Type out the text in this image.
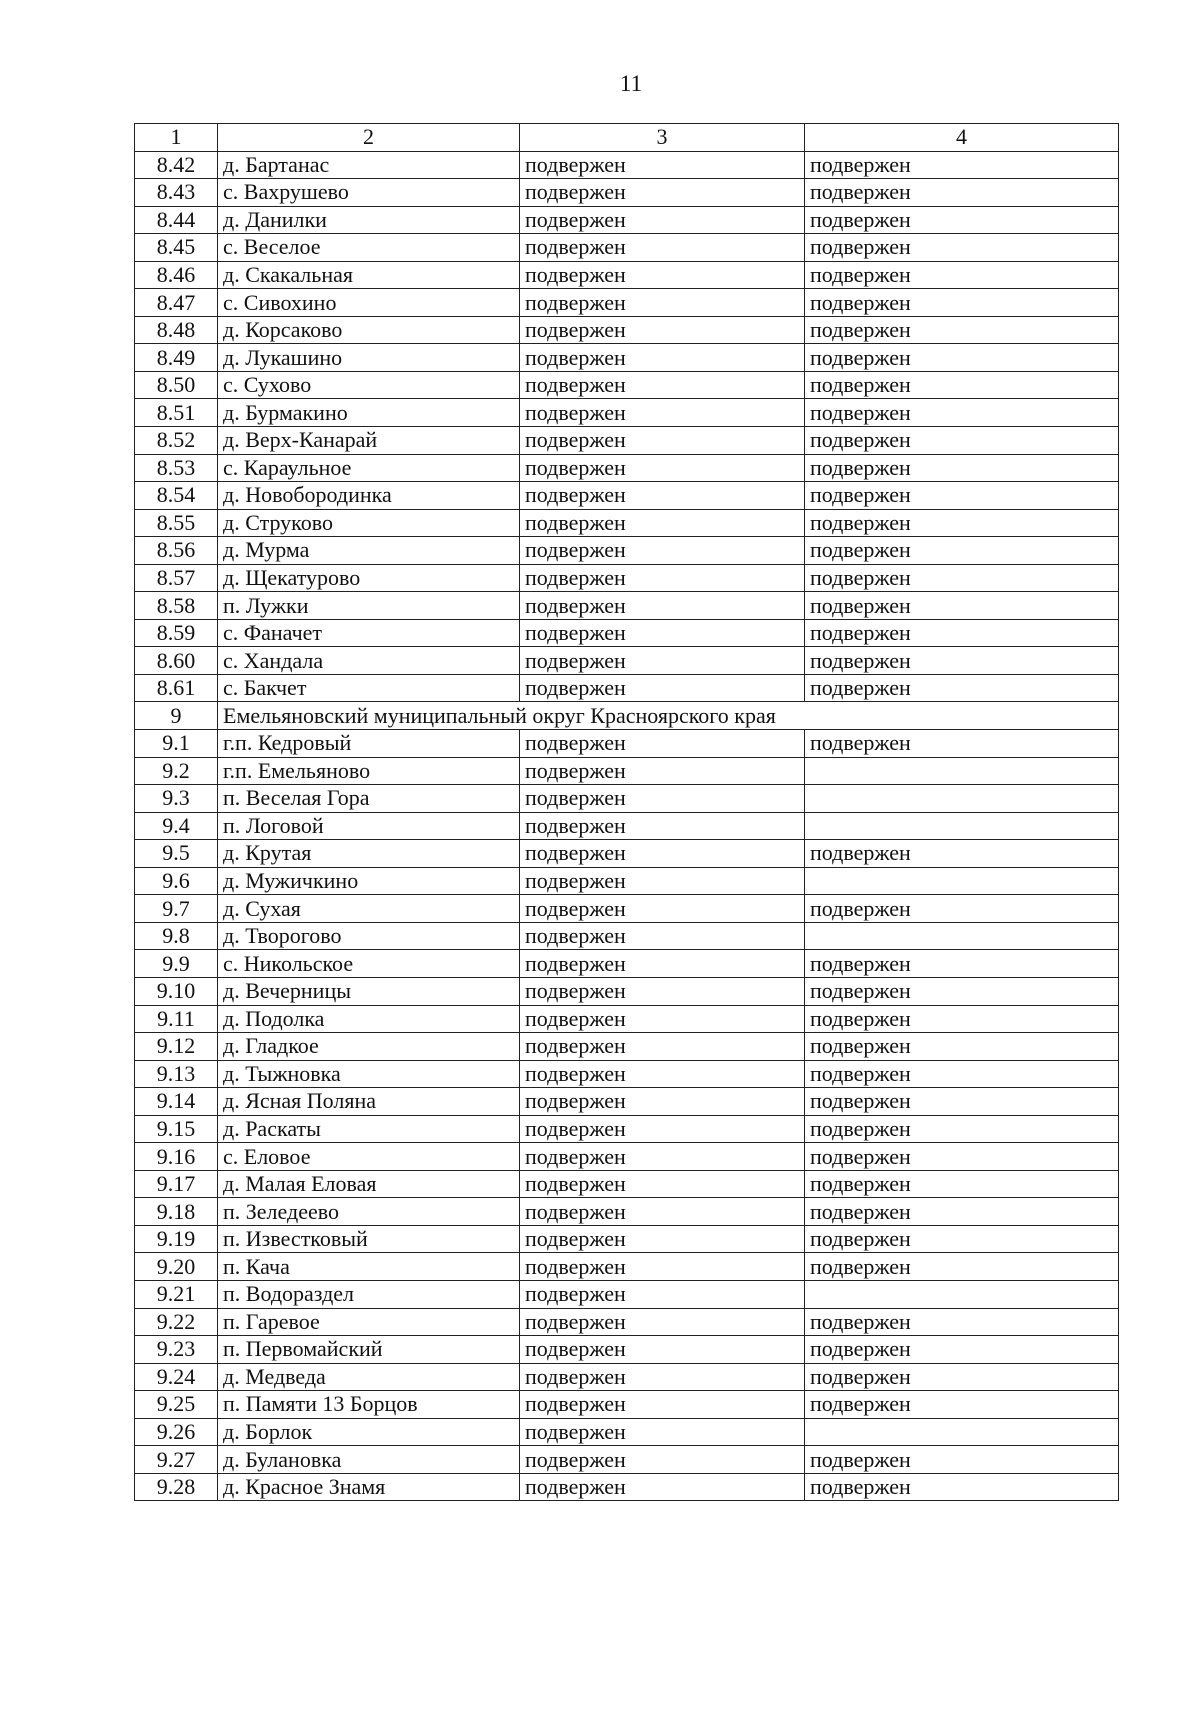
11
1	2	3	4
8.42	д. Бартанас	подвержен	подвержен
8.43	с. Вахрушево	подвержен	подвержен
8.44	д. Данилки	подвержен	подвержен
8.45	с. Веселое	подвержен	подвержен
8.46	д. Скакальная	подвержен	подвержен
8.47	с. Сивохино	подвержен	подвержен
8.48	д. Корсаково	подвержен	подвержен
8.49	д. Лукашино	подвержен	подвержен
8.50	с. Сухово	подвержен	подвержен
8.51	д. Бурмакино	подвержен	подвержен
8.52	д. Верх-Канарай	подвержен	подвержен
8.53	с. Караульное	подвержен	подвержен
8.54	д. Новобородинка	подвержен	подвержен
8.55	д. Струково	подвержен	подвержен
8.56	д. Мурма	подвержен	подвержен
8.57	д. Щекатурово	подвержен	подвержен
8.58	п. Лужки	подвержен	подвержен
8.59	с. Фаначет	подвержен	подвержен
8.60	с. Хандала	подвержен	подвержен
8.61	с. Бакчет	подвержен	подвержен
9	Емельяновский муниципальный округ Красноярского края		
9.1	г.п. Кедровый	подвержен	подвержен
9.2	г.п. Емельяново	подвержен	
9.3	п. Веселая Гора	подвержен	
9.4	п. Логовой	подвержен	
9.5	д. Крутая	подвержен	подвержен
9.6	д. Мужичкино	подвержен	
9.7	д. Сухая	подвержен	подвержен
9.8	д. Творогово	подвержен	
9.9	с. Никольское	подвержен	подвержен
9.10	д. Вечерницы	подвержен	подвержен
9.11	д. Подолка	подвержен	подвержен
9.12	д. Гладкое	подвержен	подвержен
9.13	д. Тыжновка	подвержен	подвержен
9.14	д. Ясная Поляна	подвержен	подвержен
9.15	д. Раскаты	подвержен	подвержен
9.16	с. Еловое	подвержен	подвержен
9.17	д. Малая Еловая	подвержен	подвержен
9.18	п. Зеледеево	подвержен	подвержен
9.19	п. Известковый	подвержен	подвержен
9.20	п. Кача	подвержен	подвержен
9.21	п. Водораздел	подвержен	
9.22	п. Гаревое	подвержен	подвержен
9.23	п. Первомайский	подвержен	подвержен
9.24	д. Медведа	подвержен	подвержен
9.25	п. Памяти 13 Борцов	подвержен	подвержен
9.26	д. Борлок	подвержен	
9.27	д. Булановка	подвержен	подвержен
9.28	д. Красное Знамя	подвержен	подвержен
